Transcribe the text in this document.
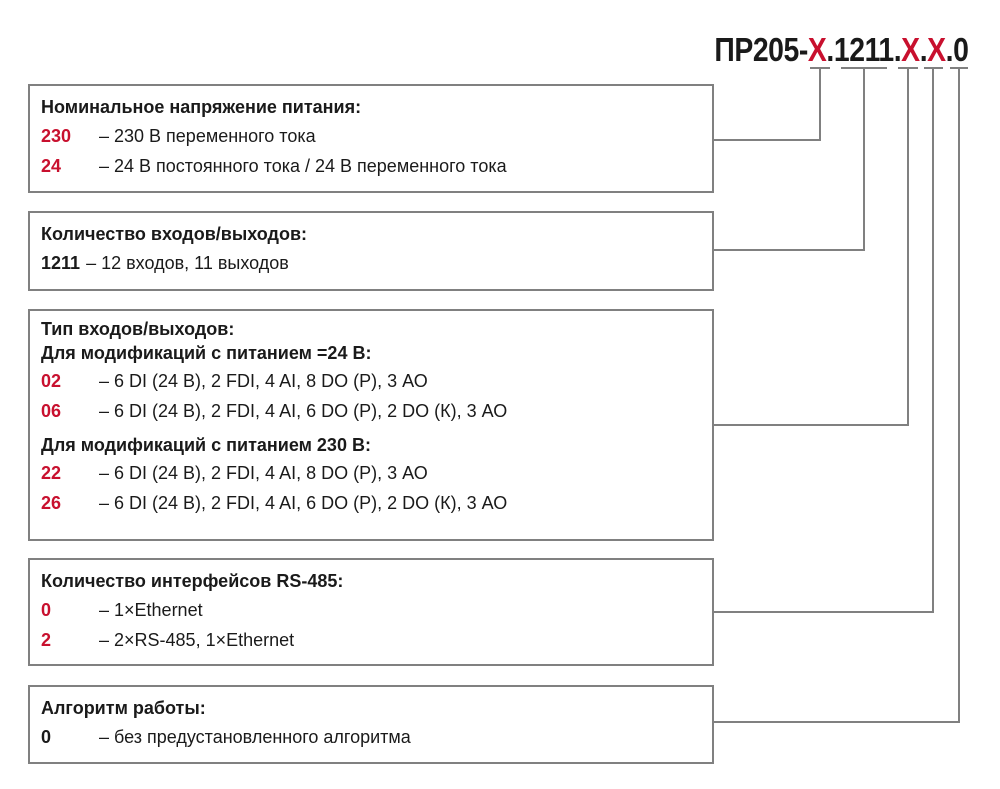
ПР205-Х.1211.Х.Х.0
Номинальное напряжение питания:
230 – 230 В переменного тока
24 – 24 В постоянного тока / 24 В переменного тока
Количество входов/выходов:
1211 – 12 входов, 11 выходов
Тип входов/выходов:
Для модификаций с питанием =24 В:
02 – 6 DI (24 В), 2 FDI, 4 AI, 8 DO (Р), 3 АО
06 – 6 DI (24 В), 2 FDI, 4 AI, 6 DO (Р), 2 DO (К), 3 АО
Для модификаций с питанием 230 В:
22 – 6 DI (24 В), 2 FDI, 4 AI, 8 DO (Р), 3 АО
26 – 6 DI (24 В), 2 FDI, 4 AI, 6 DO (Р), 2 DO (К), 3 АО
Количество интерфейсов RS-485:
0	– 1×Ethernet
2	– 2×RS-485, 1×Ethernet
Алгоритм работы:
0	– без предустановленного алгоритма
